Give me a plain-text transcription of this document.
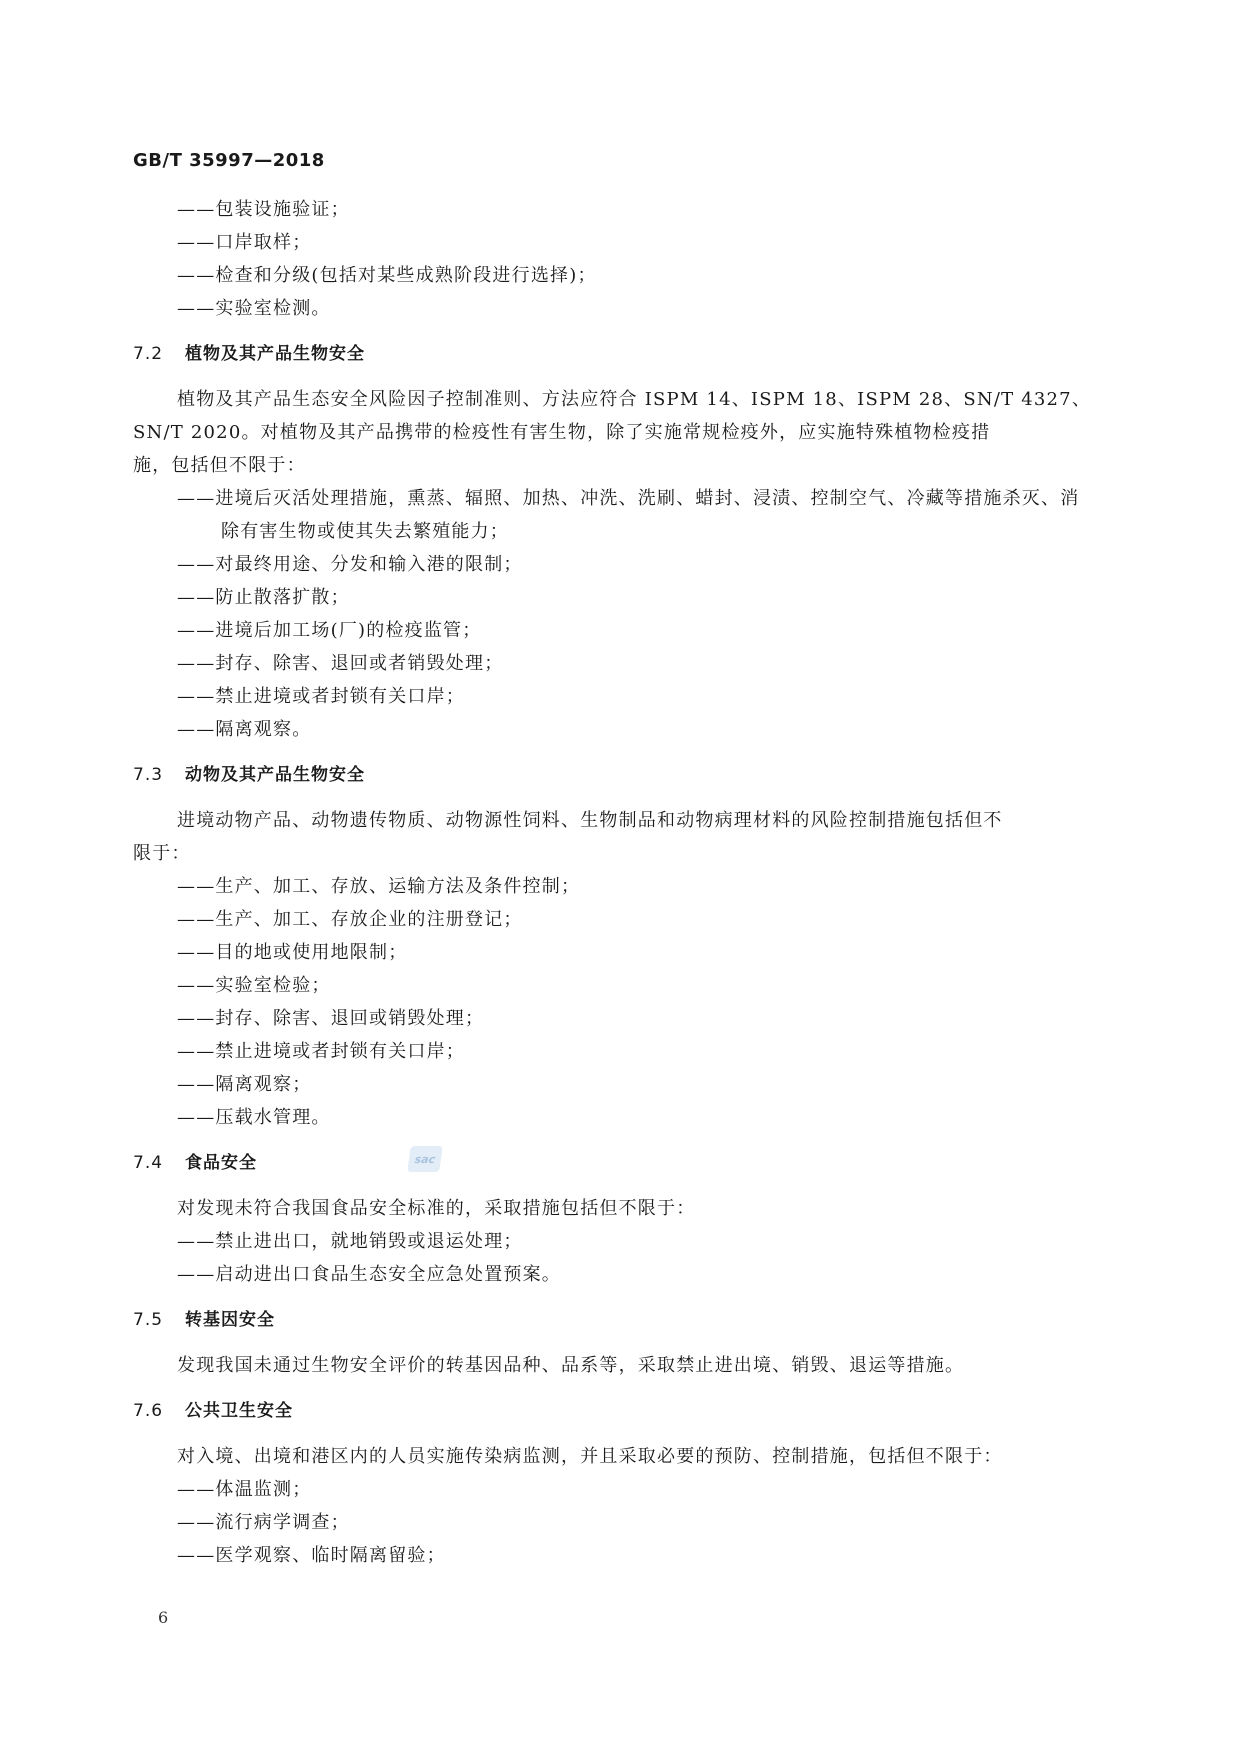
GB/T 35997—2018
——包装设施验证；
——口岸取样；
——检查和分级(包括对某些成熟阶段进行选择)；
——实验室检测。
7.2 植物及其产品生物安全
植物及其产品生态安全风险因子控制准则、方法应符合 ISPM 14、ISPM 18、ISPM 28、SN/T 4327、
SN/T 2020。对植物及其产品携带的检疫性有害生物，除了实施常规检疫外，应实施特殊植物检疫措
施，包括但不限于：
——进境后灭活处理措施，熏蒸、辐照、加热、冲洗、洗刷、蜡封、浸渍、控制空气、冷藏等措施杀灭、消
除有害生物或使其失去繁殖能力；
——对最终用途、分发和输入港的限制；
——防止散落扩散；
——进境后加工场(厂)的检疫监管；
——封存、除害、退回或者销毁处理；
——禁止进境或者封锁有关口岸；
——隔离观察。
7.3 动物及其产品生物安全
进境动物产品、动物遗传物质、动物源性饲料、生物制品和动物病理材料的风险控制措施包括但不
限于：
——生产、加工、存放、运输方法及条件控制；
——生产、加工、存放企业的注册登记；
——目的地或使用地限制；
——实验室检验；
——封存、除害、退回或销毁处理；
——禁止进境或者封锁有关口岸；
——隔离观察；
——压载水管理。
7.4 食品安全
对发现未符合我国食品安全标准的，采取措施包括但不限于：
——禁止进出口，就地销毁或退运处理；
——启动进出口食品生态安全应急处置预案。
7.5 转基因安全
发现我国未通过生物安全评价的转基因品种、品系等，采取禁止进出境、销毁、退运等措施。
7.6 公共卫生安全
对入境、出境和港区内的人员实施传染病监测，并且采取必要的预防、控制措施，包括但不限于：
——体温监测；
——流行病学调查；
——医学观察、临时隔离留验；
sac
6
